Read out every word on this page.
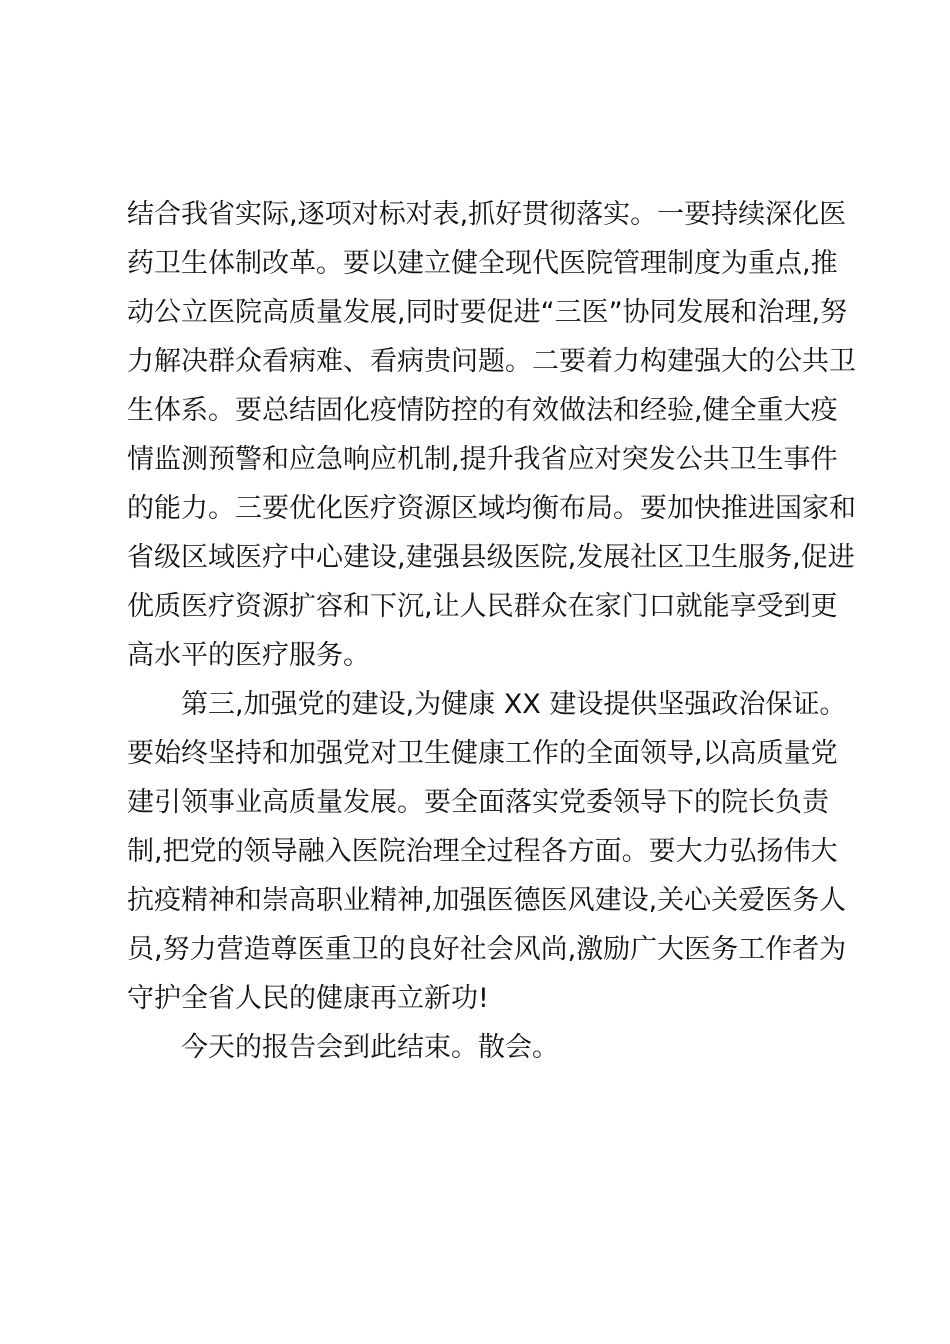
结合我省实际,逐项对标对表,抓好贯彻落实。一要持续深化医
药卫生体制改革。要以建立健全现代医院管理制度为重点,推
动公立医院高质量发展,同时要促进“三医”协同发展和治理,努
力解决群众看病难、看病贵问题。二要着力构建强大的公共卫
生体系。要总结固化疫情防控的有效做法和经验,健全重大疫
情监测预警和应急响应机制,提升我省应对突发公共卫生事件
的能力。三要优化医疗资源区域均衡布局。要加快推进国家和
省级区域医疗中心建设,建强县级医院,发展社区卫生服务,促进
优质医疗资源扩容和下沉,让人民群众在家门口就能享受到更
高水平的医疗服务。
第三,加强党的建设,为健康 XX 建设提供坚强政治保证。
要始终坚持和加强党对卫生健康工作的全面领导,以高质量党
建引领事业高质量发展。要全面落实党委领导下的院长负责
制,把党的领导融入医院治理全过程各方面。要大力弘扬伟大
抗疫精神和崇高职业精神,加强医德医风建设,关心关爱医务人
员,努力营造尊医重卫的良好社会风尚,激励广大医务工作者为
守护全省人民的健康再立新功!
今天的报告会到此结束。散会。
